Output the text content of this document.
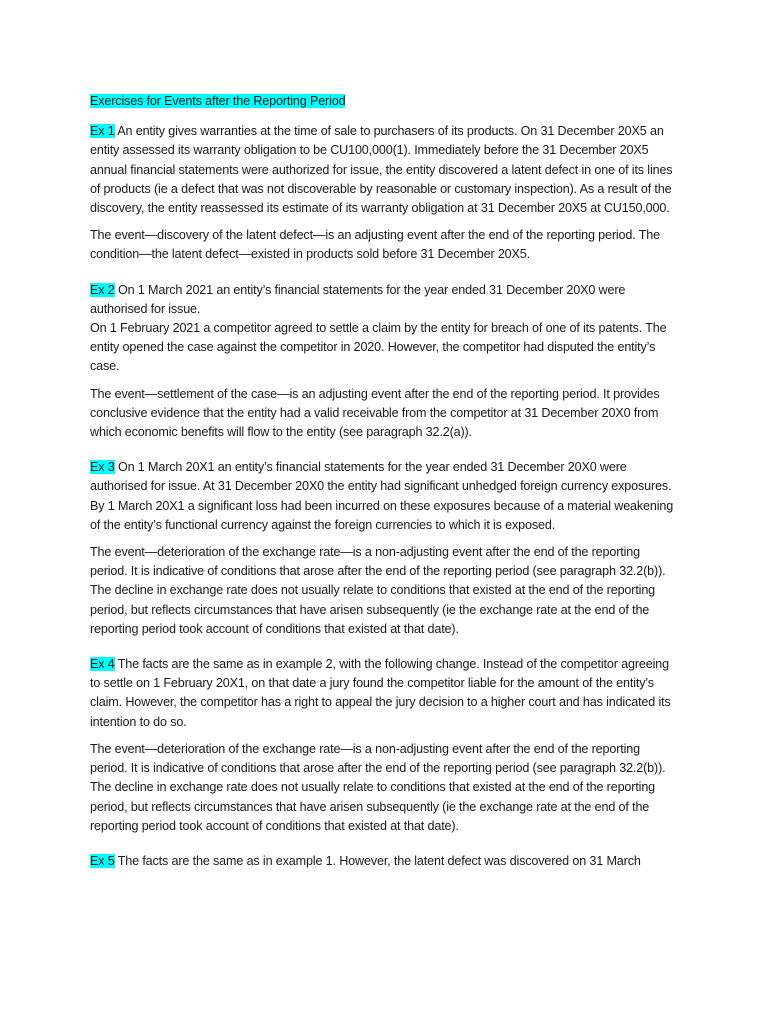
Exercises for Events after the Reporting Period

Ex 1 An entity gives warranties at the time of sale to purchasers of its products. On 31 December 20X5 an entity assessed its warranty obligation to be CU100,000(1). Immediately before the 31 December 20X5 annual financial statements were authorized for issue, the entity discovered a latent defect in one of its lines of products (ie a defect that was not discoverable by reasonable or customary inspection). As a result of the discovery, the entity reassessed its estimate of its warranty obligation at 31 December 20X5 at CU150,000.

The event—discovery of the latent defect—is an adjusting event after the end of the reporting period. The condition—the latent defect—existed in products sold before 31 December 20X5.

Ex 2 On 1 March 2021 an entity’s financial statements for the year ended 31 December 20X0 were authorised for issue.

On 1 February 2021 a competitor agreed to settle a claim by the entity for breach of one of its patents. The entity opened the case against the competitor in 2020. However, the competitor had disputed the entity’s case.

The event—settlement of the case—is an adjusting event after the end of the reporting period. It provides conclusive evidence that the entity had a valid receivable from the competitor at 31 December 20X0 from which economic benefits will flow to the entity (see paragraph 32.2(a)).

Ex 3 On 1 March 20X1 an entity’s financial statements for the year ended 31 December 20X0 were authorised for issue. At 31 December 20X0 the entity had significant unhedged foreign currency exposures. By 1 March 20X1 a significant loss had been incurred on these exposures because of a material weakening of the entity’s functional currency against the foreign currencies to which it is exposed.

The event—deterioration of the exchange rate—is a non-adjusting event after the end of the reporting period. It is indicative of conditions that arose after the end of the reporting period (see paragraph 32.2(b)). The decline in exchange rate does not usually relate to conditions that existed at the end of the reporting period, but reflects circumstances that have arisen subsequently (ie the exchange rate at the end of the reporting period took account of conditions that existed at that date).

Ex 4 The facts are the same as in example 2, with the following change. Instead of the competitor agreeing to settle on 1 February 20X1, on that date a jury found the competitor liable for the amount of the entity’s claim. However, the competitor has a right to appeal the jury decision to a higher court and has indicated its intention to do so.

The event—deterioration of the exchange rate—is a non-adjusting event after the end of the reporting period. It is indicative of conditions that arose after the end of the reporting period (see paragraph 32.2(b)). The decline in exchange rate does not usually relate to conditions that existed at the end of the reporting period, but reflects circumstances that have arisen subsequently (ie the exchange rate at the end of the reporting period took account of conditions that existed at that date).

Ex 5 The facts are the same as in example 1. However, the latent defect was discovered on 31 March
